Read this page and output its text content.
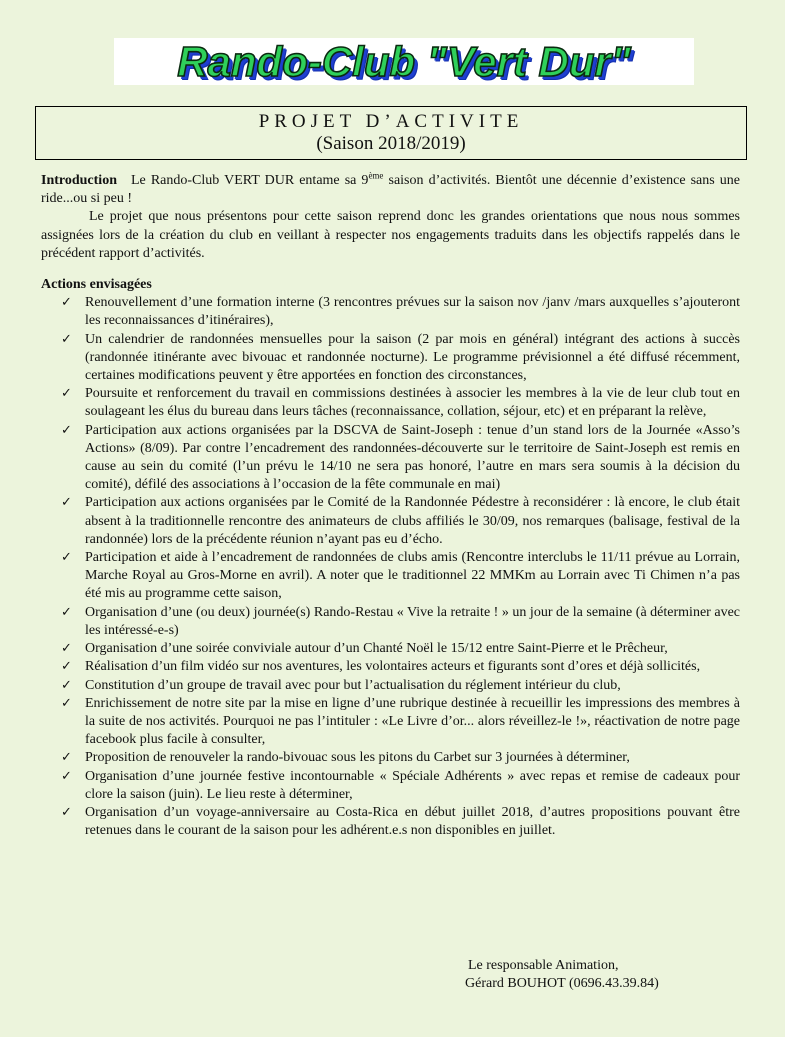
Rando-Club "Vert Dur"
PROJET D’ACTIVITE
(Saison 2018/2019)
Introduction	Le Rando-Club VERT DUR entame sa 9ème saison d’activités. Bientôt une décennie d’existence sans une ride...ou si peu !
Le projet que nous présentons pour cette saison reprend donc les grandes orientations que nous nous sommes assignées lors de la création du club en veillant à respecter nos engagements traduits dans les objectifs rappelés dans le précédent rapport d’activités.
Actions envisagées
✓ Renouvellement d’une formation interne (3 rencontres prévues sur la saison nov /janv /mars auxquelles s’ajouteront les reconnaissances d’itinéraires),
✓ Un calendrier de randonnées mensuelles pour la saison (2 par mois en général) intégrant des actions à succès (randonnée itinérante avec bivouac et randonnée nocturne). Le programme prévisionnel a été diffusé récemment, certaines modifications peuvent y être apportées en fonction des circonstances,
✓ Poursuite et renforcement du travail en commissions destinées à associer les membres à la vie de leur club tout en soulageant les élus du bureau dans leurs tâches (reconnaissance, collation, séjour, etc) et en préparant la relève,
✓ Participation aux actions organisées par la DSCVA de Saint-Joseph : tenue d’un stand lors de la Journée «Asso’s Actions» (8/09). Par contre l’encadrement des randonnées-découverte sur le territoire de Saint-Joseph est remis en cause au sein du comité (l’un prévu le 14/10 ne sera pas honoré, l’autre en mars sera soumis à la décision du comité), défilé des associations à l’occasion de la fête communale en mai)
✓ Participation aux actions organisées par le Comité de la Randonnée Pédestre à reconsidérer : là encore, le club était absent à la traditionnelle rencontre des animateurs de clubs affiliés le 30/09, nos remarques (balisage, festival de la randonnée) lors de la précédente réunion n’ayant pas eu d’écho.
✓ Participation et aide à l’encadrement de randonnées de clubs amis (Rencontre interclubs le 11/11 prévue au Lorrain, Marche Royal au Gros-Morne en avril). A noter que le traditionnel 22 MMKm au Lorrain avec Ti Chimen n’a pas été mis au programme cette saison,
✓ Organisation d’une (ou deux) journée(s) Rando-Restau « Vive la retraite ! » un jour de la semaine (à déterminer avec les intéressé-e-s)
✓ Organisation d’une soirée conviviale autour d’un Chanté Noël le 15/12 entre Saint-Pierre et le Prêcheur,
✓ Réalisation d’un film vidéo sur nos aventures, les volontaires acteurs et figurants sont d’ores et déjà sollicités,
✓ Constitution d’un groupe de travail avec pour but l’actualisation du réglement intérieur du club,
✓ Enrichissement de notre site par la mise en ligne d’une rubrique destinée à recueillir les impressions des membres à la suite de nos activités. Pourquoi ne pas l’intituler : «Le Livre d’or... alors réveillez-le !», réactivation de notre page facebook plus facile à consulter,
✓ Proposition de renouveler la rando-bivouac sous les pitons du Carbet sur 3 journées à déterminer,
✓ Organisation d’une journée festive incontournable « Spéciale Adhérents » avec repas et remise de cadeaux pour clore la saison (juin). Le lieu reste à déterminer,
✓ Organisation d’un voyage-anniversaire au Costa-Rica en début juillet 2018, d’autres propositions pouvant être retenues dans le courant de la saison pour les adhérent.e.s non disponibles en juillet.
Le responsable Animation,
Gérard BOUHOT (0696.43.39.84)
